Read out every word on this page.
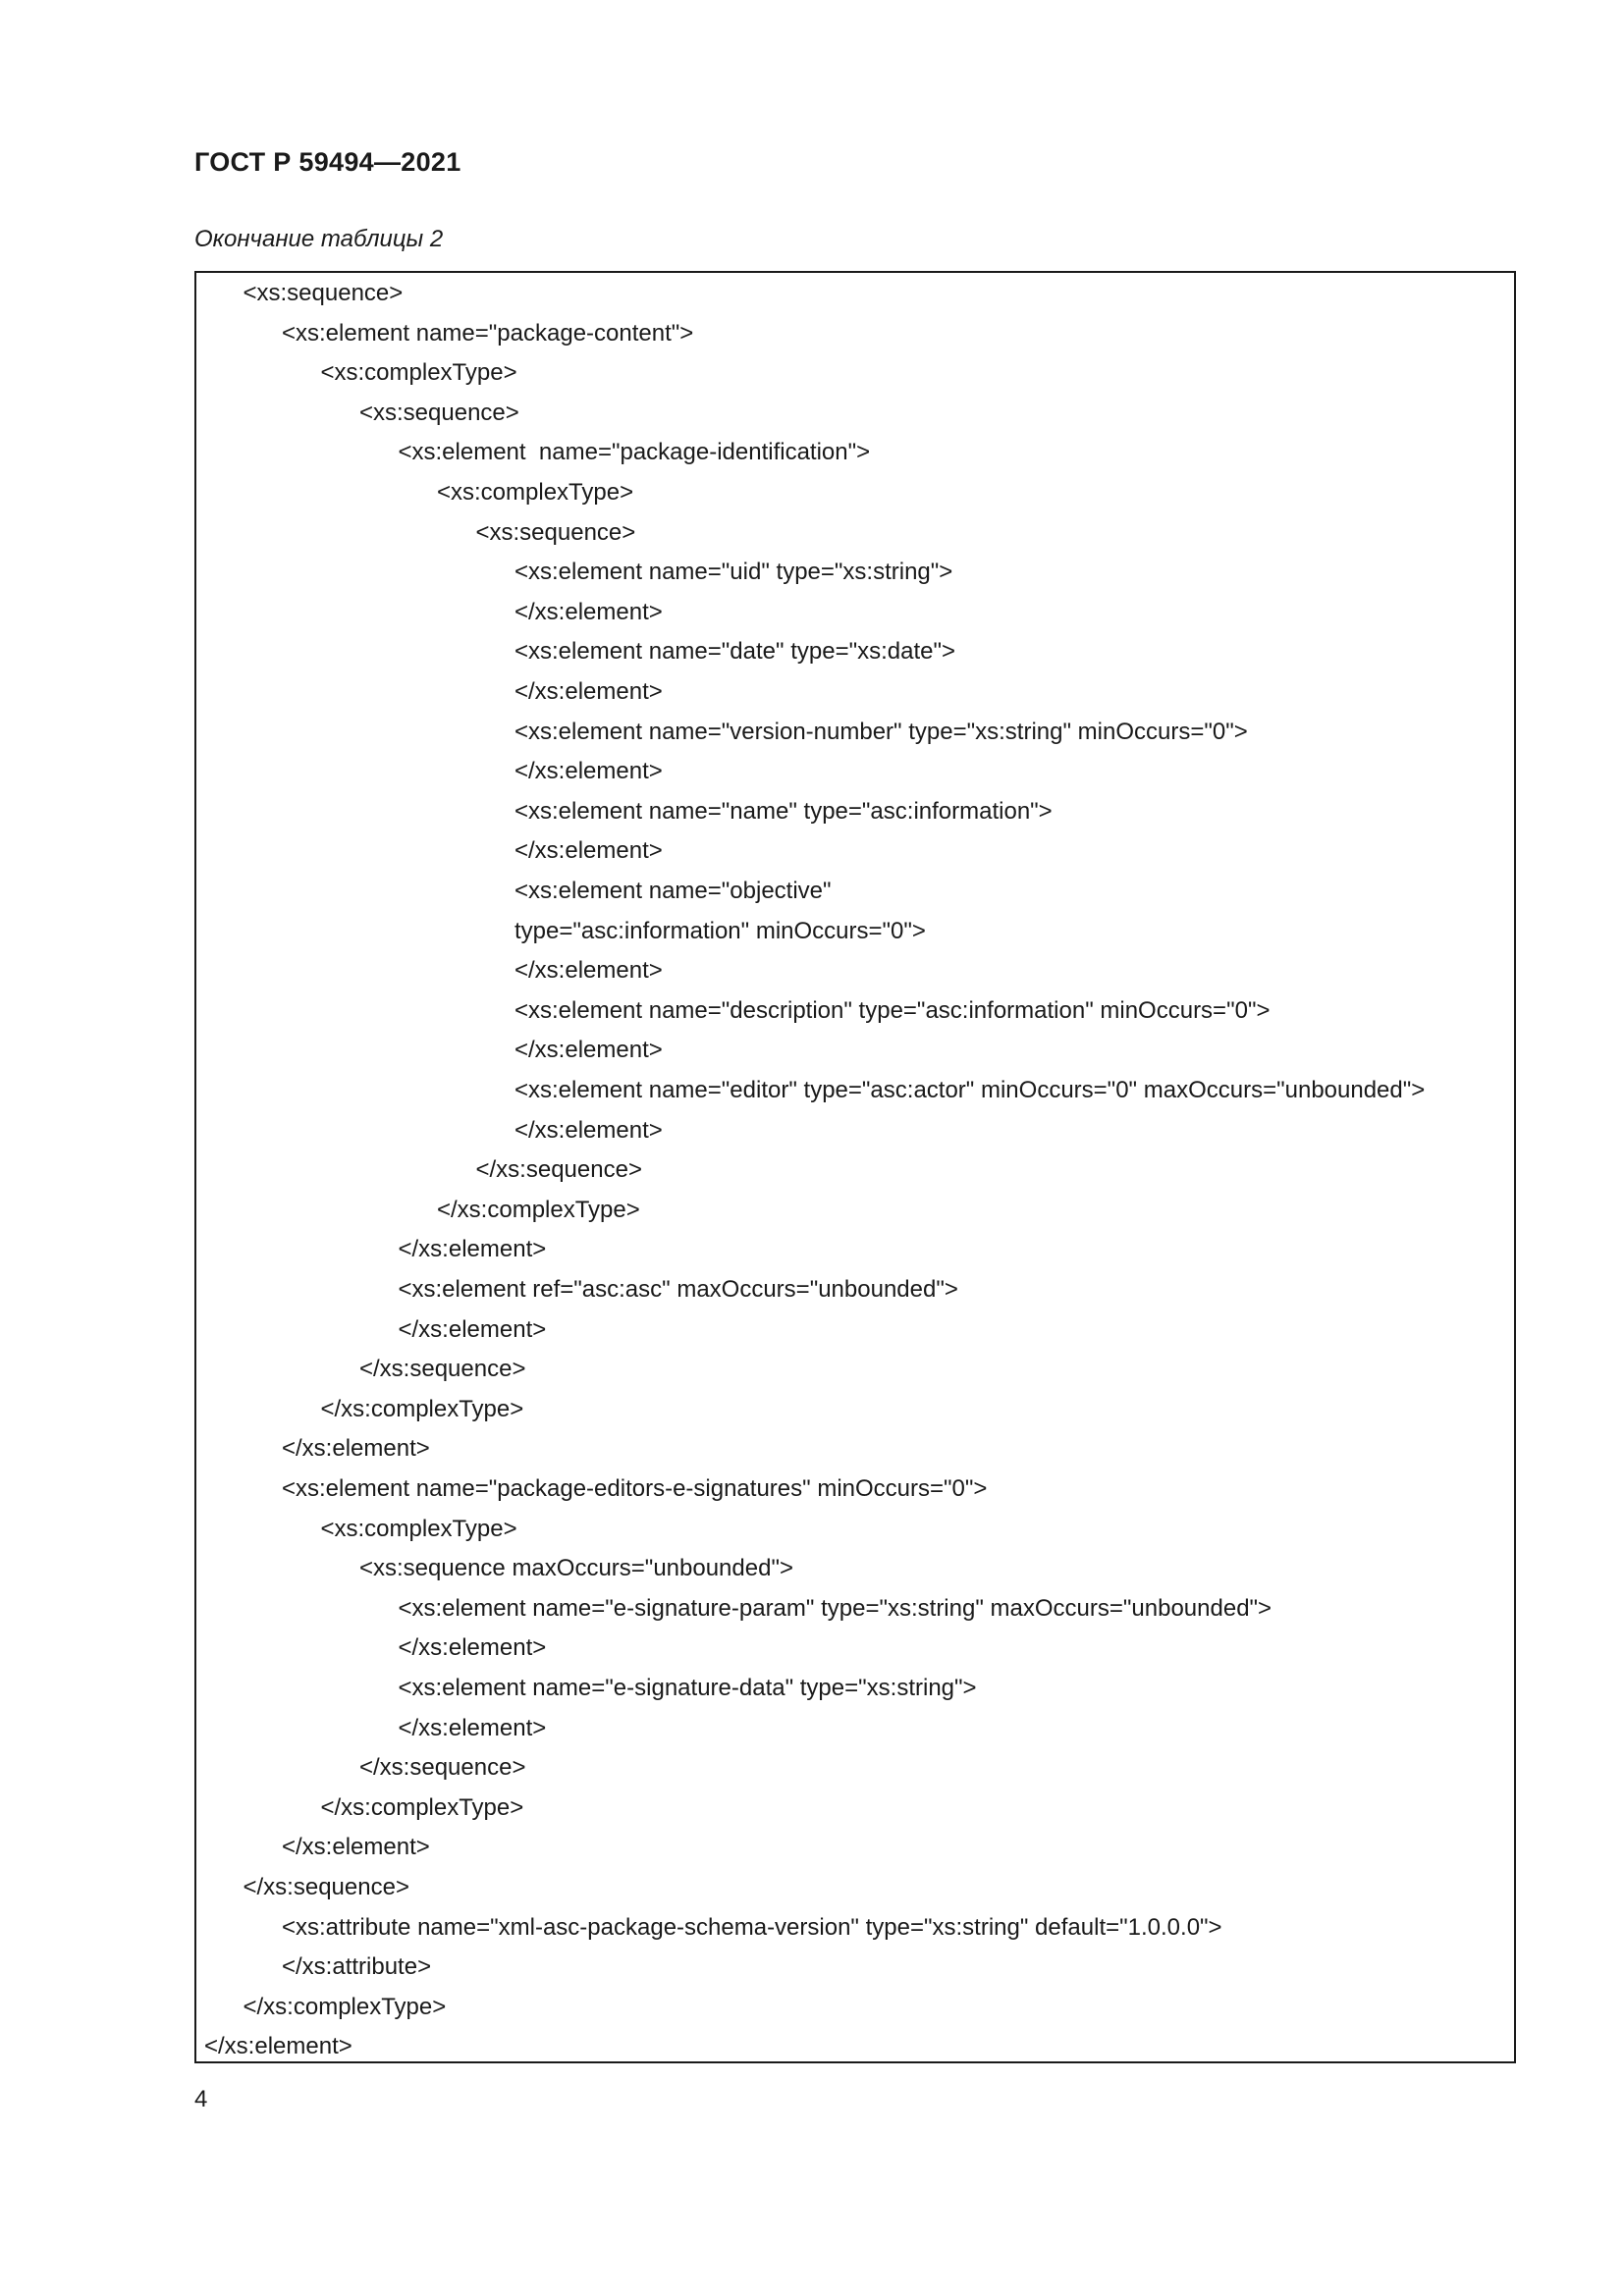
ГОСТ Р 59494—2021
Окончание таблицы 2
<xs:sequence>
<xs:element name="package-content">
<xs:complexType>
<xs:sequence>
<xs:element  name="package-identification">
<xs:complexType>
<xs:sequence>
<xs:element name="uid" type="xs:string">
</xs:element>
<xs:element name="date" type="xs:date">
</xs:element>
<xs:element name="version-number" type="xs:string" minOccurs="0">
</xs:element>
<xs:element name="name" type="asc:information">
</xs:element>
<xs:element name="objective"
type="asc:information" minOccurs="0">
</xs:element>
<xs:element name="description" type="asc:information" minOccurs="0">
</xs:element>
<xs:element name="editor" type="asc:actor" minOccurs="0" maxOccurs="unbounded">
</xs:element>
</xs:sequence>
</xs:complexType>
</xs:element>
<xs:element ref="asc:asc" maxOccurs="unbounded">
</xs:element>
</xs:sequence>
</xs:complexType>
</xs:element>
<xs:element name="package-editors-e-signatures" minOccurs="0">
<xs:complexType>
<xs:sequence maxOccurs="unbounded">
<xs:element name="e-signature-param" type="xs:string" maxOccurs="unbounded">
</xs:element>
<xs:element name="e-signature-data" type="xs:string">
</xs:element>
</xs:sequence>
</xs:complexType>
</xs:element>
</xs:sequence>
<xs:attribute name="xml-asc-package-schema-version" type="xs:string" default="1.0.0.0">
</xs:attribute>
</xs:complexType>
</xs:element>
4
